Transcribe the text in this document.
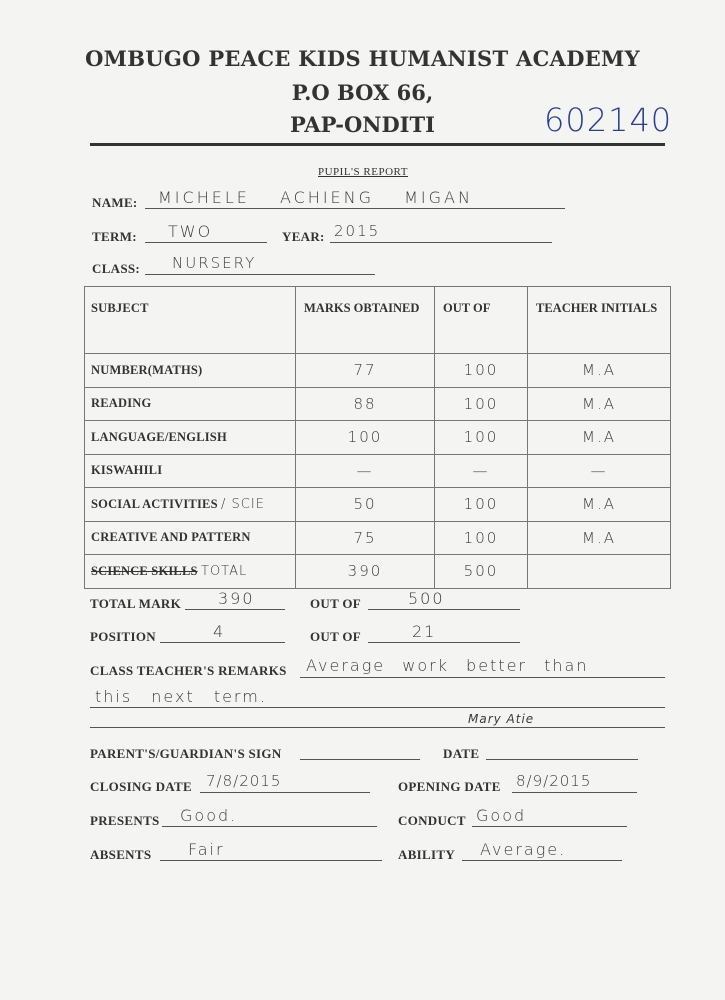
OMBUGO PEACE KIDS HUMANIST ACADEMY
P.O BOX 66,
PAP-ONDITI	602140
PUPIL'S REPORT
NAME: MICHELE ACHIENG MIGAN
TERM: TWO	YEAR: 2015
CLASS: NURSERY
SUBJECT	MARKS OBTAINED	OUT OF	TEACHER INITIALS
NUMBER(MATHS)	77	100	M.A
READING	88	100	M.A
LANGUAGE/ENGLISH	100	100	M.A
KISWAHILI	—	—	—
SOCIAL ACTIVITIES / SCIE	50	100	M.A
CREATIVE AND PATTERN	75	100	M.A
SCIENCE SKILLS TOTAL	390	500	
TOTAL MARK 390	OUT OF	500
POSITION	4	OUT OF	21
CLASS TEACHER'S REMARKS Average work better than
this next term.
Mary Atie
PARENT'S/GUARDIAN'S SIGN	DATE
CLOSING DATE 7/8/2015	OPENING DATE 8/9/2015
PRESENTS Good.	CONDUCT Good
ABSENTS Fair	ABILITY Average.
